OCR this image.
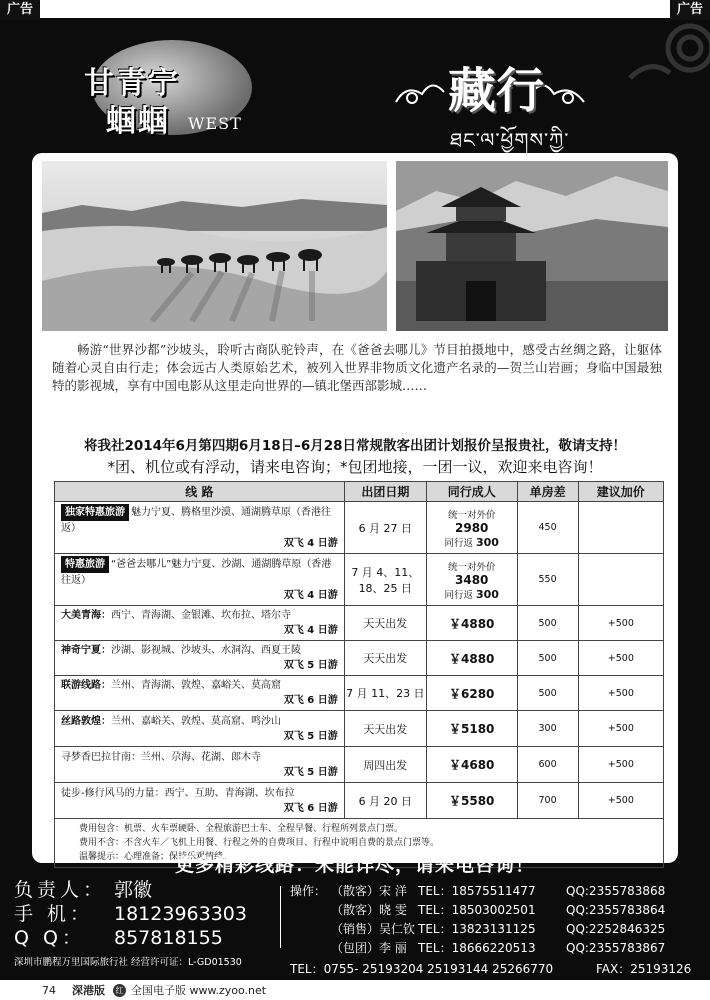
广告	广告
甘青宁
蝈蝈 WEST
藏行
ཐང་ལ་ཕྱོགས་ཀྱི་

畅游“世界沙都”沙坡头，聆听古商队驼铃声，在《爸爸去哪儿》节目拍摄地中，感受古丝绸之路，让躯体随着心灵自由行走；体会远古人类原始艺术，被列入世界非物质文化遗产名录的—贺兰山岩画；身临中国最独特的影视城，享有中国电影从这里走向世界的—镇北堡西部影城……

将我社2014年6月第四期6月18日–6月28日常规散客出团计划报价呈报贵社，敬请支持！
*团、机位或有浮动，请来电咨询；*包团地接，一团一议，欢迎来电咨询！
线 路	出团日期	同行成人	单房差	建议加价
独家特惠旅游 魅力宁夏、腾格里沙漠、通湖腾草原（香港往返）
双飞 4 日游	6 月 27 日	统一对外价
2980
同行返 300	450	
特惠旅游 “爸爸去哪儿”魅力宁夏、沙湖、通湖腾草原（香港往返）
双飞 4 日游	7 月 4、11、18、25 日	统一对外价
3480
同行返 300	550	
大美青海：西宁、青海湖、金银滩、坎布拉、塔尔寺
双飞 4 日游	天天出发	￥4880	500	+500
神奇宁夏：沙湖、影视城、沙坡头、水洞沟、西夏王陵
双飞 5 日游	天天出发	￥4880	500	+500
联游线路：兰州、青海湖、敦煌、嘉峪关、莫高窟
双飞 6 日游	7 月 11、23 日	￥6280	500	+500
丝路敦煌：兰州、嘉峪关、敦煌、莫高窟、鸣沙山
双飞 5 日游	天天出发	￥5180	300	+500
寻梦香巴拉甘南：兰州、尕海、花湖、郎木寺
双飞 5 日游	周四出发	￥4680	600	+500
徒步-修行风马的力量：西宁、互助、青海湖、坎布拉
双飞 6 日游	6 月 20 日	￥5580	700	+500

费用包含：机票、火车票硬卧、全程旅游巴士车、全程早餐、行程所列景点门票。
费用不含：不含火车／飞机上用餐、行程之外的自费项目、行程中说明自费的景点门票等。
温馨提示：心理准备；保持乐观情绪。				
更多精彩线路：未能详尽，请来电咨询！
负责人： 郭徽
手 机： 18123963303
Q Q： 857818155
深圳市鹏程万里国际旅行社 经营许可证：L-GD01530
操作： （散客）宋 洋 TEL：18575511477	QQ:2355783868
（散客）晓 雯 TEL：18503002501	QQ:2355783864
（销售）吴仁钦 TEL：13823131125	QQ:2252846325
（包团）李 丽 TEL：18666220513	QQ:2355783867
TEL：0755- 25193204 25193144 25266770	FAX：25193126
74 深港版	红 全国电子版 www.zyoo.net
